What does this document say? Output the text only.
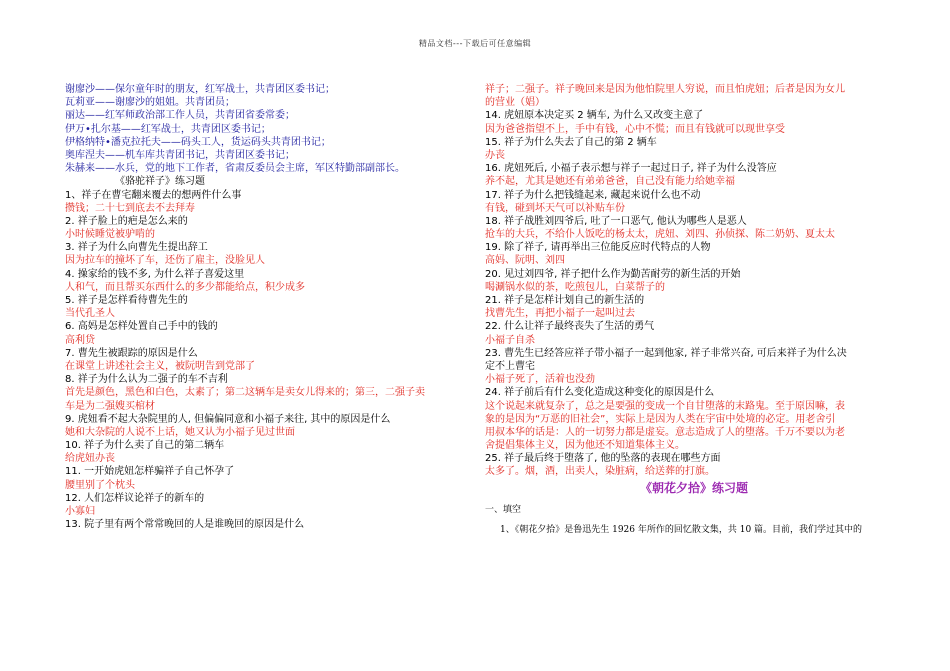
精品文档---下载后可任意编辑
谢廖沙——保尔童年时的朋友，红军战士，共青团区委书记；
瓦莉亚——谢廖沙的姐姐。共青团员；
丽达——红军师政治部工作人员，共青团省委常委；
伊万•扎尔基——红军战士，共青团区委书记；
伊格纳特•潘克拉托夫——码头工人，货运码头共青团书记；
奥库涅夫——机车库共青团书记，共青团区委书记；
朱赫来——水兵，党的地下工作者，省肃反委员会主席，军区特勤部副部长。
《骆驼祥子》练习题
1、祥子在曹宅翻来覆去的想两件什么事
攒钱；二十七到底去不去拜寿
2. 祥子脸上的疤是怎么来的
小时候睡觉被驴啃的
3. 祥子为什么向曹先生提出辞工
因为拉车的撞坏了车，还伤了雇主，没脸见人
4. 操家给的钱不多, 为什么祥子喜爱这里
人和气，而且帮买东西什么的多少都能给点，积少成多
5. 祥子是怎样看待曹先生的
当代孔圣人
6. 高妈是怎样处置自己手中的钱的
高利贷
7. 曹先生被跟踪的原因是什么
在课堂上讲述社会主义，被阮明告到党部了
8. 祥子为什么认为二强子的车不吉利
首先是颜色，黑色和白色，太素了；第二这辆车是卖女儿得来的；第三，二强子卖
车是为二强嫂买棺材
9. 虎妞看不起大杂院里的人, 但偏偏同意和小福子来往, 其中的原因是什么
她和大杂院的人说不上话，她又认为小福子见过世面
10. 祥子为什么卖了自己的第二辆车
给虎妞办丧
11. 一开始虎妞怎样骗祥子自己怀孕了
腰里别了个枕头
12. 人们怎样议论祥子的新车的
小寡妇
13. 院子里有两个常常晚回的人是谁晚回的原因是什么
祥子；二强子。祥子晚回来是因为他怕院里人穷说，而且怕虎妞；后者是因为女儿
的营业（娼）
14. 虎妞原本决定买 2 辆车, 为什么又改变主意了
因为爸爸指望不上，手中有钱，心中不慌；而且有钱就可以现世享受
15. 祥子为什么失去了自己的第 2 辆车
办丧
16. 虎妞死后, 小福子表示想与祥子一起过日子, 祥子为什么没答应
养不起，尤其是她还有弟弟爸爸，自己没有能力给她幸福
17. 祥子为什么把钱缝起来, 藏起来说什么也不动
有钱，碰到坏天气可以补贴车份
18. 祥子战胜刘四爷后, 吐了一口恶气, 他认为哪些人是恶人
抢车的大兵，不给仆人饭吃的杨太太，虎妞、刘四、孙侦探、陈二奶奶、夏太太
19. 除了祥子, 请再举出三位能反应时代特点的人物
高妈、阮明、刘四
20. 见过刘四爷, 祥子把什么作为勤苦耐劳的新生活的开始
喝涮锅水似的茶，吃煎包儿，白菜帮子的
21. 祥子是怎样计划自己的新生活的
找曹先生，再把小福子一起叫过去
22. 什么让祥子最终丧失了生活的勇气
小福子自杀
23. 曹先生已经答应祥子带小福子一起到他家, 祥子非常兴奋, 可后来祥子为什么决
定不上曹宅
小福子死了，活着也没劲
24. 祥子前后有什么变化造成这种变化的原因是什么
这个说起来就复杂了，总之是要强的变成一个自甘堕落的末路鬼。至于原因嘛，表
象的是因为“万恶的旧社会”，实际上是因为人类在宇宙中处境的必定。用老舍引
用叔本华的话是：人的一切努力都是虚妄。意志造成了人的堕落。千万不要以为老
舍提倡集体主义，因为他还不知道集体主义。
25. 祥子最后终于堕落了, 他的坠落的表现在哪些方面
太多了。烟，酒，出卖人，染脏病，给送葬的打旗。
《朝花夕拾》练习题
一、填空
1、《朝花夕拾》是鲁迅先生 1926 年所作的回忆散文集，共 10 篇。目前，我们学过其中的
